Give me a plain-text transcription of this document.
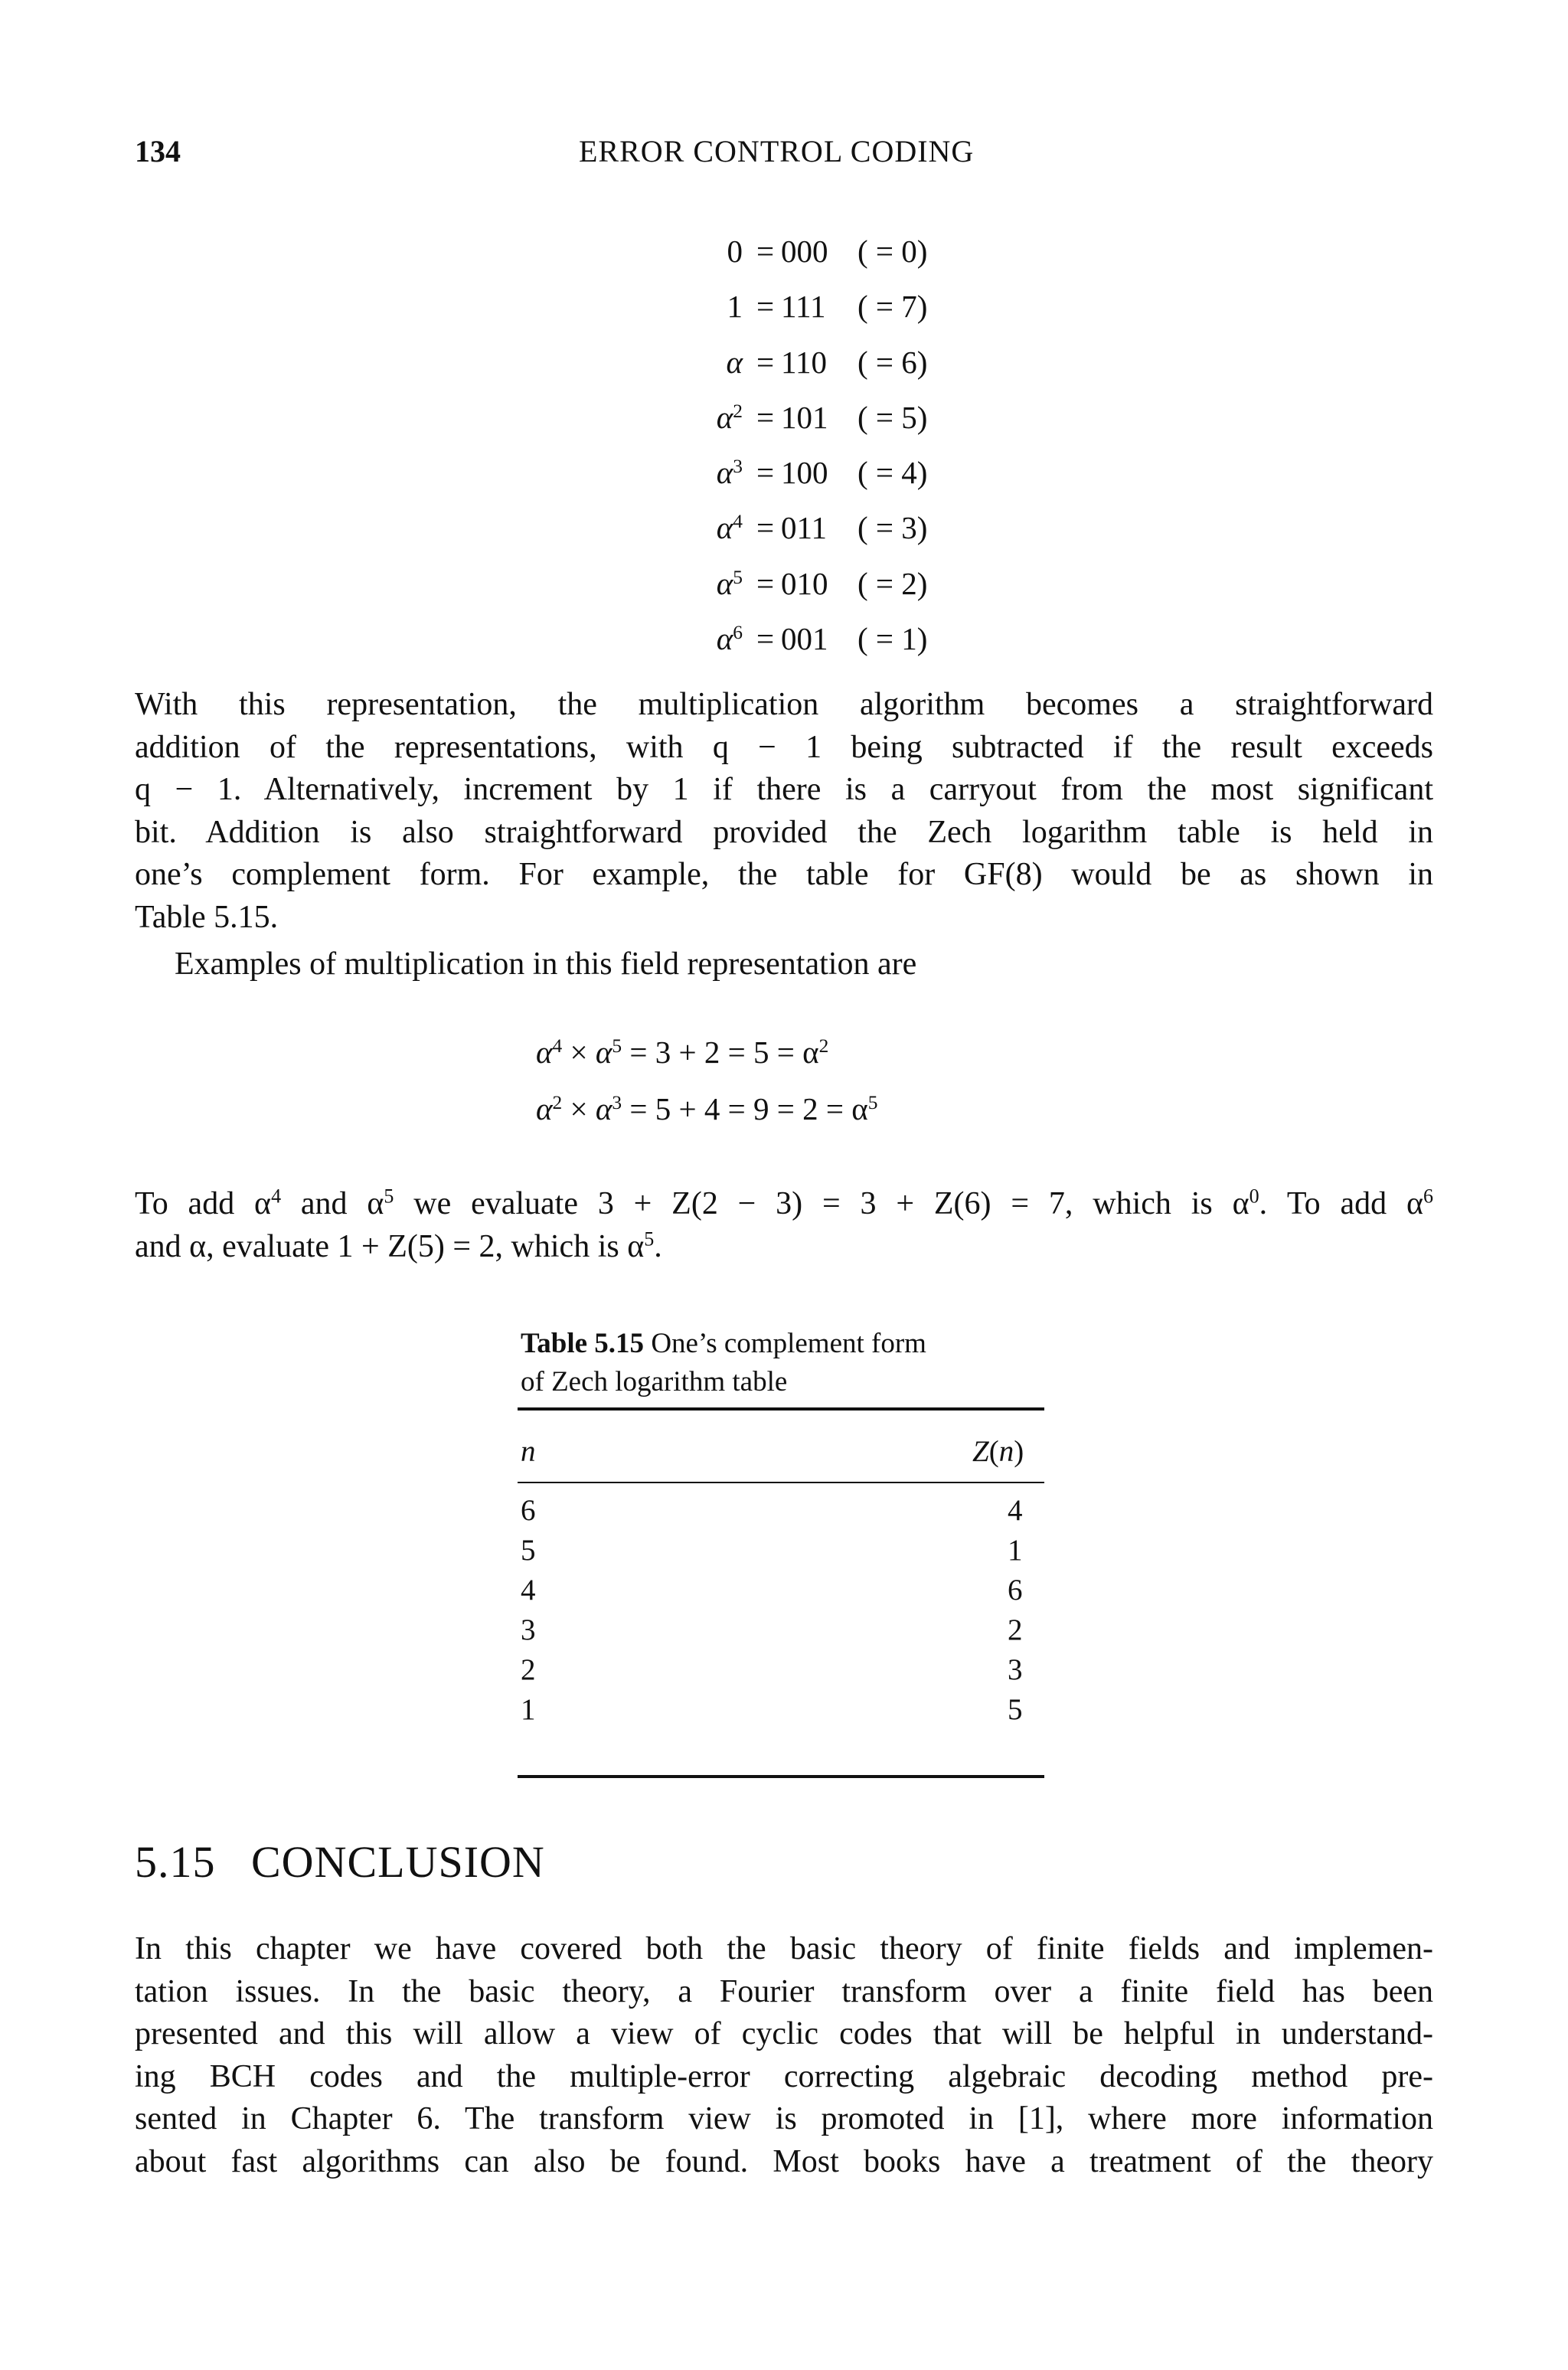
134	ERROR CONTROL CODING
0 = 000 ( = 0)
1 = 111 ( = 7)
α = 110 ( = 6)
$\alpha^2 = 101$ ( = 5)
$\alpha^3 = 100$ ( = 4)
$\alpha^4 = 011$ ( = 3)
$\alpha^5 = 010$ ( = 2)
$\alpha^6 = 001$ ( = 1)
With this representation, the multiplication algorithm becomes a straightforward
addition of the representations, with q − 1 being subtracted if the result exceeds
q − 1. Alternatively, increment by 1 if there is a carryout from the most significant
bit. Addition is also straightforward provided the Zech logarithm table is held in
one’s complement form. For example, the table for GF(8) would be as shown in
Table 5.15.
Examples of multiplication in this field representation are
$\alpha^4 \times \alpha^5 = 3 + 2 = 5 = \alpha^2$
$\alpha^2 \times \alpha^3 = 5 + 4 = 9 = 2 = \alpha^5$
To add $\alpha^4$ and $\alpha^5$ we evaluate 3 + Z(2 − 3) = 3 + Z(6) = 7, which is $\alpha^0$. To add $\alpha^6$
and α, evaluate 1 + Z(5) = 2, which is $\alpha^5$.
Table 5.15 One’s complement form
of Zech logarithm table
n	Z(n)
6	4
5	1
4	6
3	2
2	3
1	5
5.15 CONCLUSION
In this chapter we have covered both the basic theory of finite fields and implemen-
tation issues. In the basic theory, a Fourier transform over a finite field has been
presented and this will allow a view of cyclic codes that will be helpful in understand-
ing BCH codes and the multiple-error correcting algebraic decoding method pre-
sented in Chapter 6. The transform view is promoted in [1], where more information
about fast algorithms can also be found. Most books have a treatment of the theory
